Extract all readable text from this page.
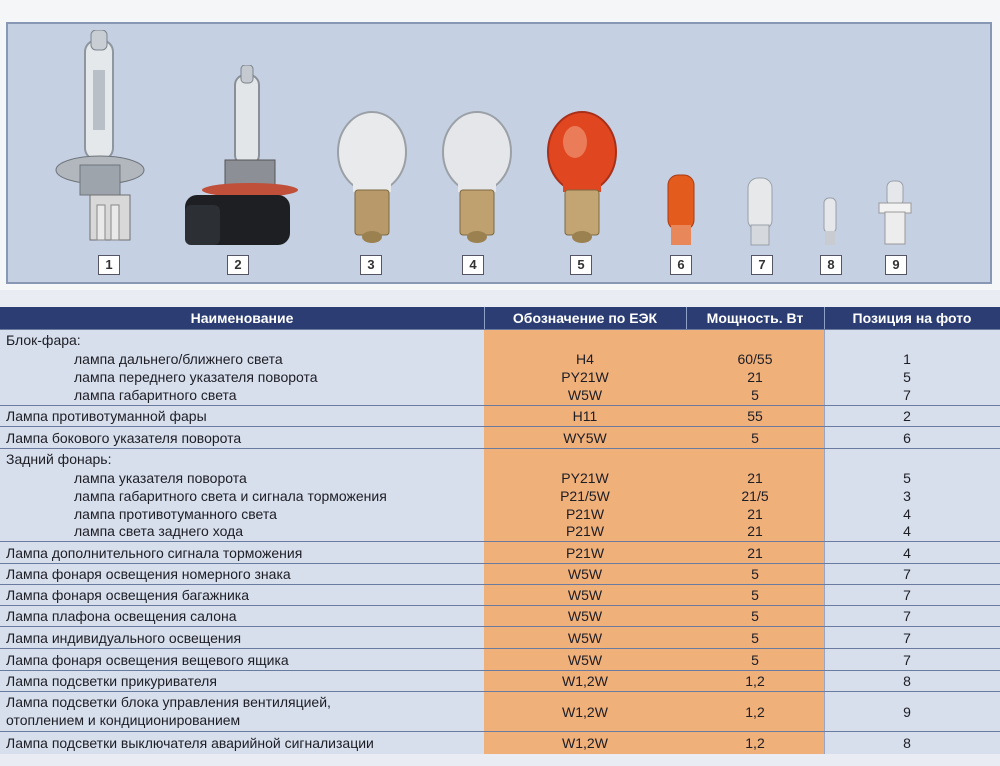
1	2	3	4	5	6	7	8	9
Наименование	Обозначение по ЕЭК	Мощность. Вт	Позиция на фото
Блок-фара:
лампа дальнего/ближнего света	H4	60/55	1
лампа переднего указателя поворота	PY21W	21	5
лампа габаритного света	W5W	5	7
Лампа противотуманной фары	H11	55	2
Лампа бокового указателя поворота	WY5W	5	6
Задний фонарь:
лампа указателя поворота	PY21W	21	5
лампа габаритного света и сигнала торможения	P21/5W	21/5	3
лампа противотуманного света	P21W	21	4
лампа света заднего хода	P21W	21	4
Лампа дополнительного сигнала торможения	P21W	21	4
Лампа фонаря освещения номерного знака	W5W	5	7
Лампа фонаря освещения багажника	W5W	5	7
Лампа плафона освещения салона	W5W	5	7
Лампа индивидуального освещения	W5W	5	7
Лампа фонаря освещения вещевого ящика	W5W	5	7
Лампа подсветки прикуривателя	W1,2W	1,2	8
Лампа подсветки блока управления вентиляцией,
отоплением и кондиционированием	W1,2W	1,2	9
Лампа подсветки выключателя аварийной сигнализации	W1,2W	1,2	8
